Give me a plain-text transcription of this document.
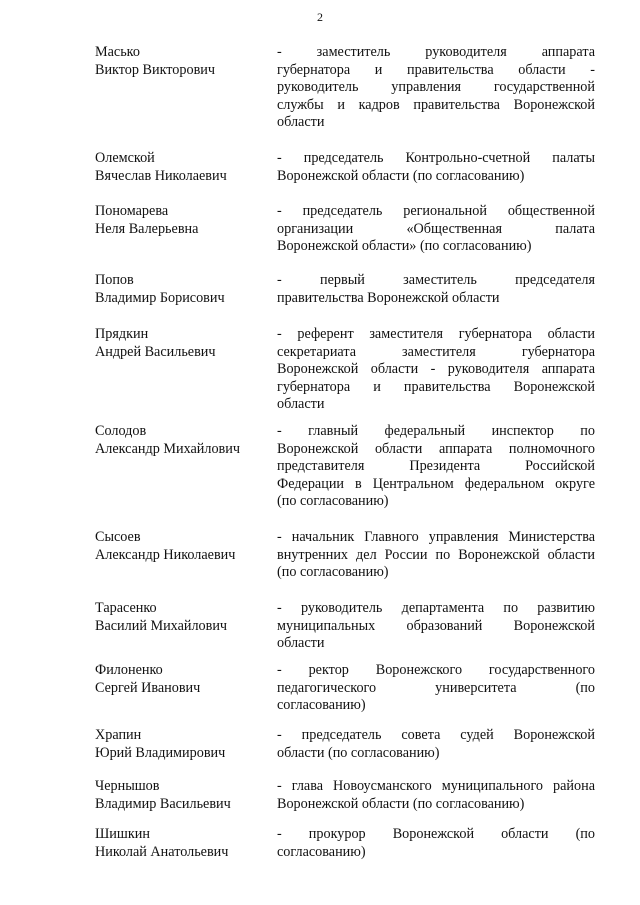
2
Масько
Виктор Викторович
- заместитель руководителя аппарата
губернатора и правительства области -
руководитель управления государственной
службы и кадров правительства Воронежской
области
Олемской
Вячеслав Николаевич
- председатель Контрольно-счетной палаты
Воронежской области (по согласованию)
Пономарева
Неля Валерьевна
- председатель региональной общественной
организации «Общественная палата
Воронежской области» (по согласованию)
Попов
Владимир Борисович
- первый заместитель председателя
правительства Воронежской области
Прядкин
Андрей Васильевич
- референт заместителя губернатора области
секретариата заместителя губернатора
Воронежской области - руководителя аппарата
губернатора и правительства Воронежской
области
Солодов
Александр Михайлович
- главный федеральный инспектор по
Воронежской области аппарата полномочного
представителя Президента Российской
Федерации в Центральном федеральном округе
(по согласованию)
Сысоев
Александр Николаевич
- начальник Главного управления Министерства
внутренних дел России по Воронежской области
(по согласованию)
Тарасенко
Василий Михайлович
- руководитель департамента по развитию
муниципальных образований Воронежской
области
Филоненко
Сергей Иванович
- ректор Воронежского государственного
педагогического университета (по
согласованию)
Храпин
Юрий Владимирович
- председатель совета судей Воронежской
области (по согласованию)
Чернышов
Владимир Васильевич
- глава Новоусманского муниципального района
Воронежской области (по согласованию)
Шишкин
Николай Анатольевич
- прокурор Воронежской области (по
согласованию)
